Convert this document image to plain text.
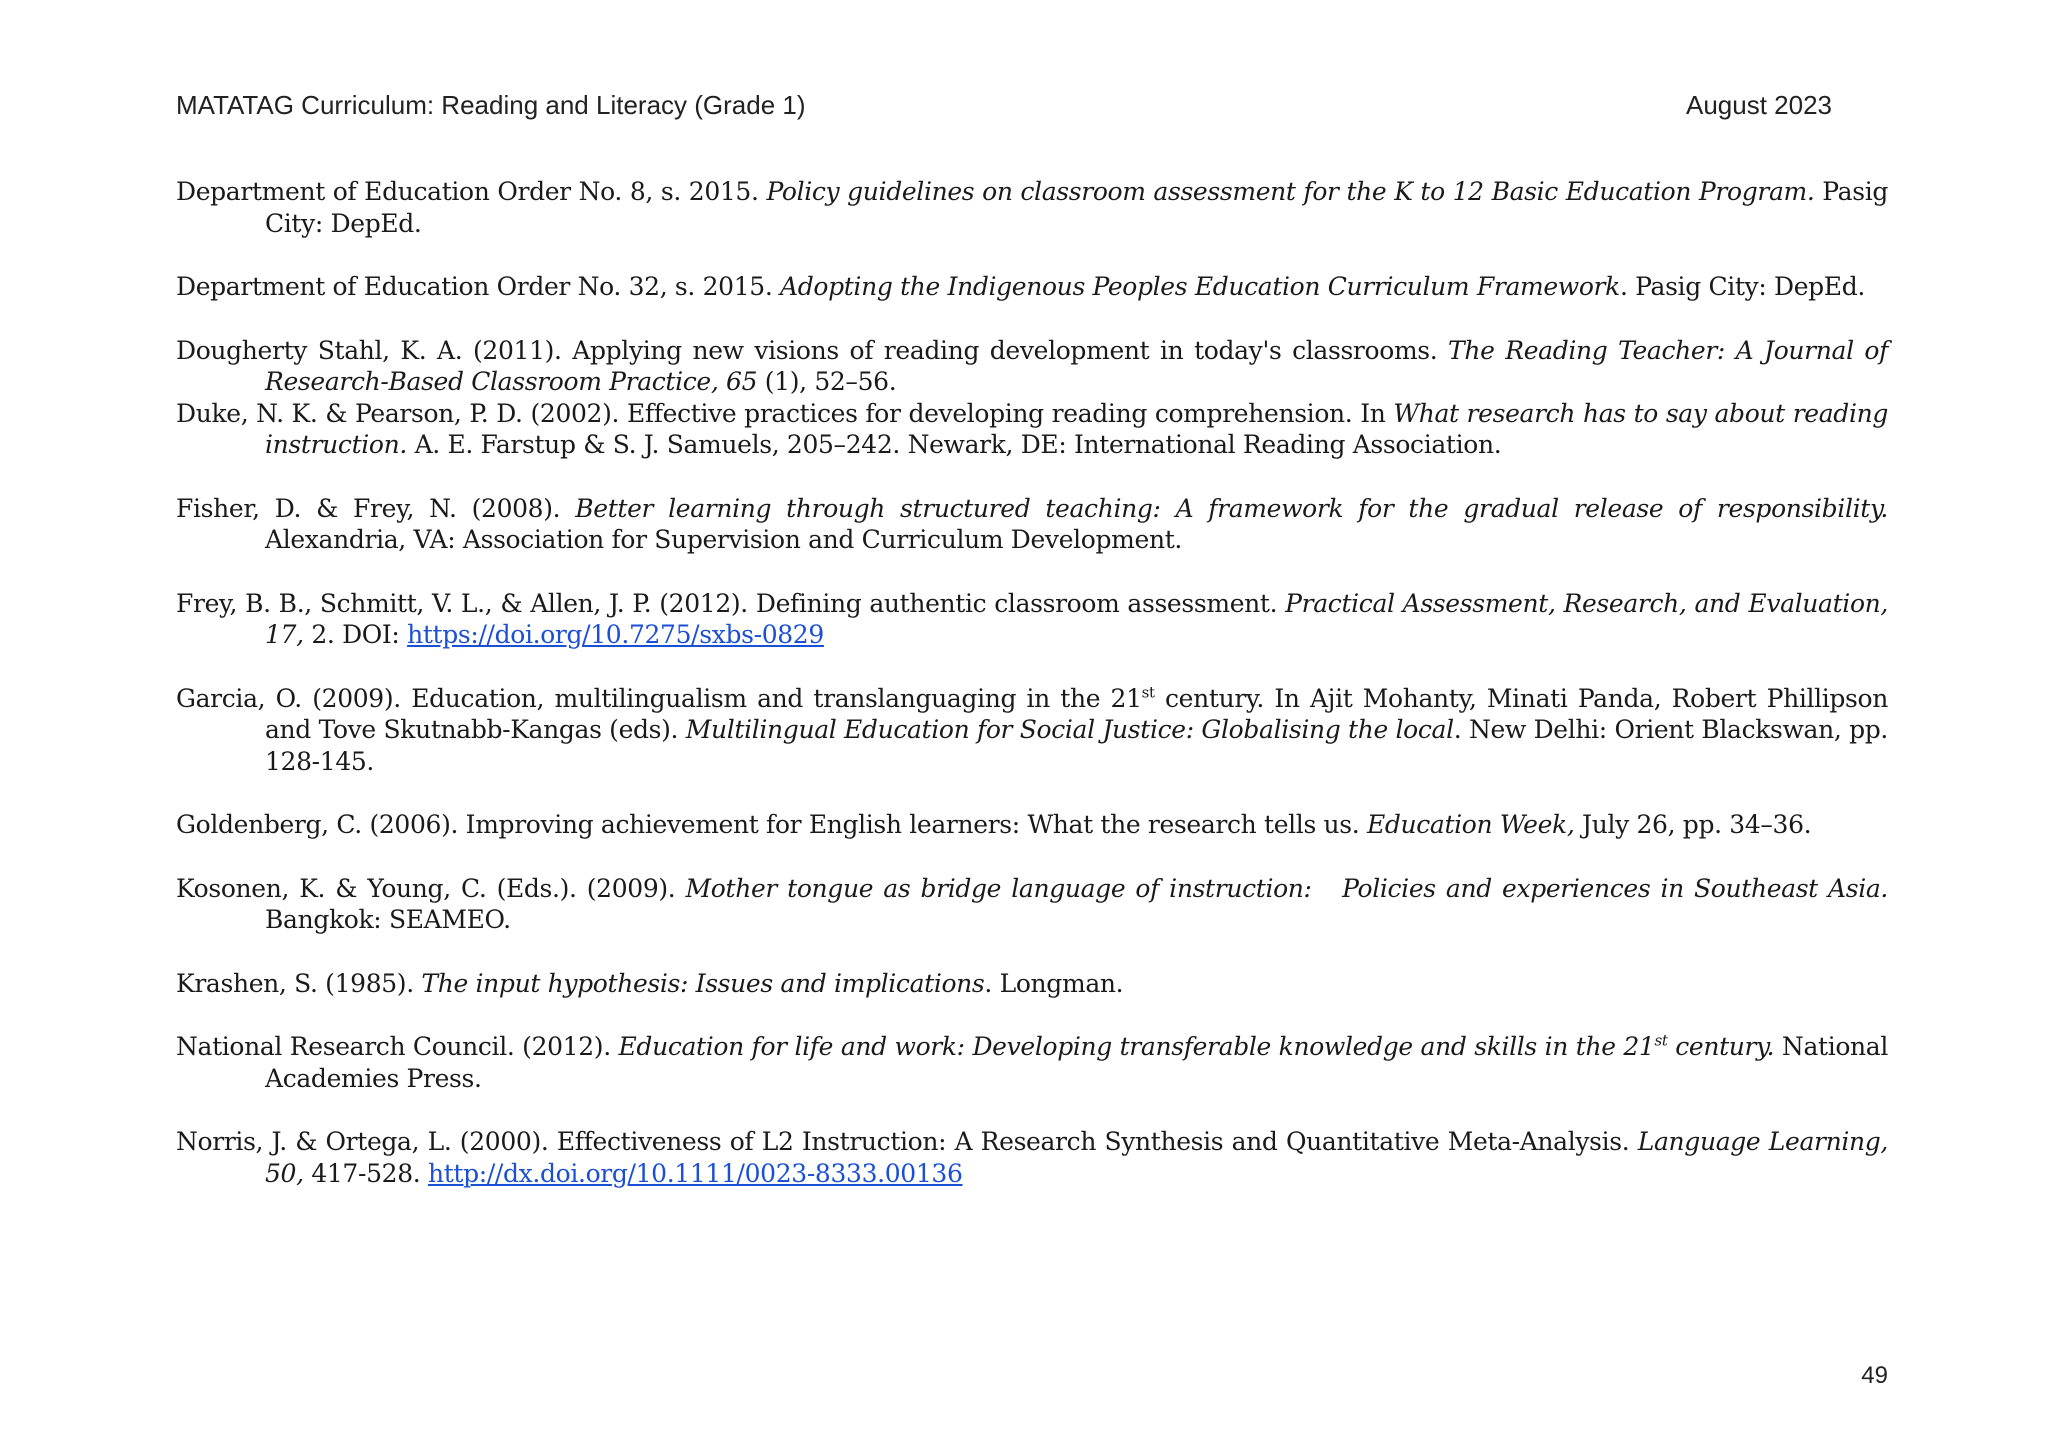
MATATAG Curriculum: Reading and Literacy (Grade 1)	August 2023
Department of Education Order No. 8, s. 2015. Policy guidelines on classroom assessment for the K to 12 Basic Education Program. Pasig City: DepEd.
Department of Education Order No. 32, s. 2015. Adopting the Indigenous Peoples Education Curriculum Framework. Pasig City: DepEd.
Dougherty Stahl, K. A. (2011). Applying new visions of reading development in today's classrooms. The Reading Teacher: A Journal of Research-Based Classroom Practice, 65 (1), 52–56.
Duke, N. K. & Pearson, P. D. (2002). Effective practices for developing reading comprehension. In What research has to say about reading instruction. A. E. Farstup & S. J. Samuels, 205–242. Newark, DE: International Reading Association.
Fisher, D. & Frey, N. (2008). Better learning through structured teaching: A framework for the gradual release of responsibility. Alexandria, VA: Association for Supervision and Curriculum Development.
Frey, B. B., Schmitt, V. L., & Allen, J. P. (2012). Defining authentic classroom assessment. Practical Assessment, Research, and Evaluation, 17, 2. DOI: https://doi.org/10.7275/sxbs-0829
Garcia, O. (2009). Education, multilingualism and translanguaging in the 21st century. In Ajit Mohanty, Minati Panda, Robert Phillipson and Tove Skutnabb-Kangas (eds). Multilingual Education for Social Justice: Globalising the local. New Delhi: Orient Blackswan, pp. 128-145.
Goldenberg, C. (2006). Improving achievement for English learners: What the research tells us. Education Week, July 26, pp. 34–36.
Kosonen, K. & Young, C. (Eds.). (2009). Mother tongue as bridge language of instruction:   Policies and experiences in Southeast Asia. Bangkok: SEAMEO.
Krashen, S. (1985). The input hypothesis: Issues and implications. Longman.
National Research Council. (2012). Education for life and work: Developing transferable knowledge and skills in the 21st century. National Academies Press.
Norris, J. & Ortega, L. (2000). Effectiveness of L2 Instruction: A Research Synthesis and Quantitative Meta-Analysis. Language Learning, 50, 417-528. http://dx.doi.org/10.1111/0023-8333.00136
49
